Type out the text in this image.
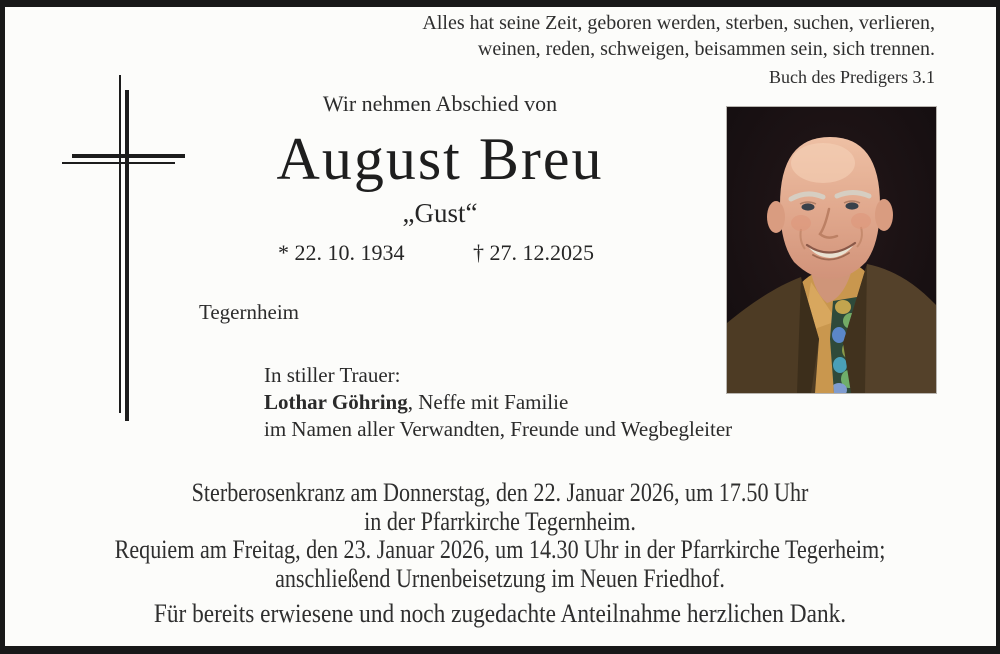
Alles hat seine Zeit, geboren werden, sterben, suchen, verlieren,
weinen, reden, schweigen, beisammen sein, sich trennen.
Buch des Predigers 3.1
Wir nehmen Abschied von
August Breu
„Gust“
* 22. 10. 1934	† 27. 12.2025
Tegernheim
In stiller Trauer:
Lothar Göhring, Neffe mit Familie
im Namen aller Verwandten, Freunde und Wegbegleiter
Sterberosenkranz am Donnerstag, den 22. Januar 2026, um 17.50 Uhr
in der Pfarrkirche Tegernheim.
Requiem am Freitag, den 23. Januar 2026, um 14.30 Uhr in der Pfarrkirche Tegerheim;
anschließend Urnenbeisetzung im Neuen Friedhof.
Für bereits erwiesene und noch zugedachte Anteilnahme herzlichen Dank.
